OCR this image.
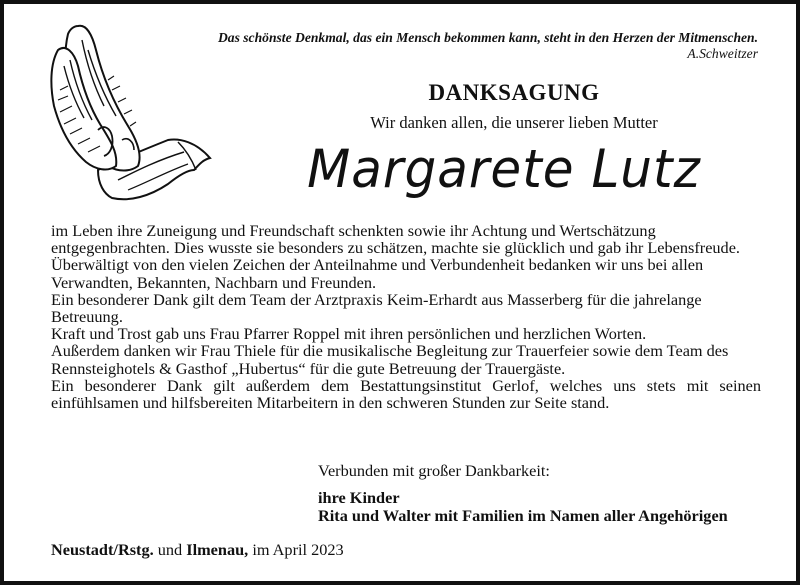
Das schönste Denkmal, das ein Mensch bekommen kann, steht in den Herzen der Mitmenschen.
A.Schweitzer
DANKSAGUNG
Wir danken allen, die unserer lieben Mutter
Margarete Lutz

im Leben ihre Zuneigung und Freundschaft schenkten sowie ihr Achtung und Wertschätzung entgegenbrachten. Dies wusste sie besonders zu schätzen, machte sie glücklich und gab ihr Lebensfreude.

Überwältigt von den vielen Zeichen der Anteilnahme und Verbundenheit bedanken wir uns bei allen Verwandten, Bekannten, Nachbarn und Freunden.

Ein besonderer Dank gilt dem Team der Arztpraxis Keim-Erhardt aus Masserberg für die jahrelange Betreuung.

Kraft und Trost gab uns Frau Pfarrer Roppel mit ihren persönlichen und herzlichen Worten.

Außerdem danken wir Frau Thiele für die musikalische Begleitung zur Trauerfeier sowie dem Team des Rennsteighotels & Gasthof „Hubertus“ für die gute Betreuung der Trauergäste.

Ein besonderer Dank gilt außerdem dem Bestattungsinstitut Gerlof, welches uns stets mit seinen einfühlsamen und hilfsbereiten Mitarbeitern in den schweren Stunden zur Seite stand.

Verbunden mit großer Dankbarkeit:
ihre Kinder
Rita und Walter mit Familien im Namen aller Angehörigen
Neustadt/Rstg. und Ilmenau, im April 2023
